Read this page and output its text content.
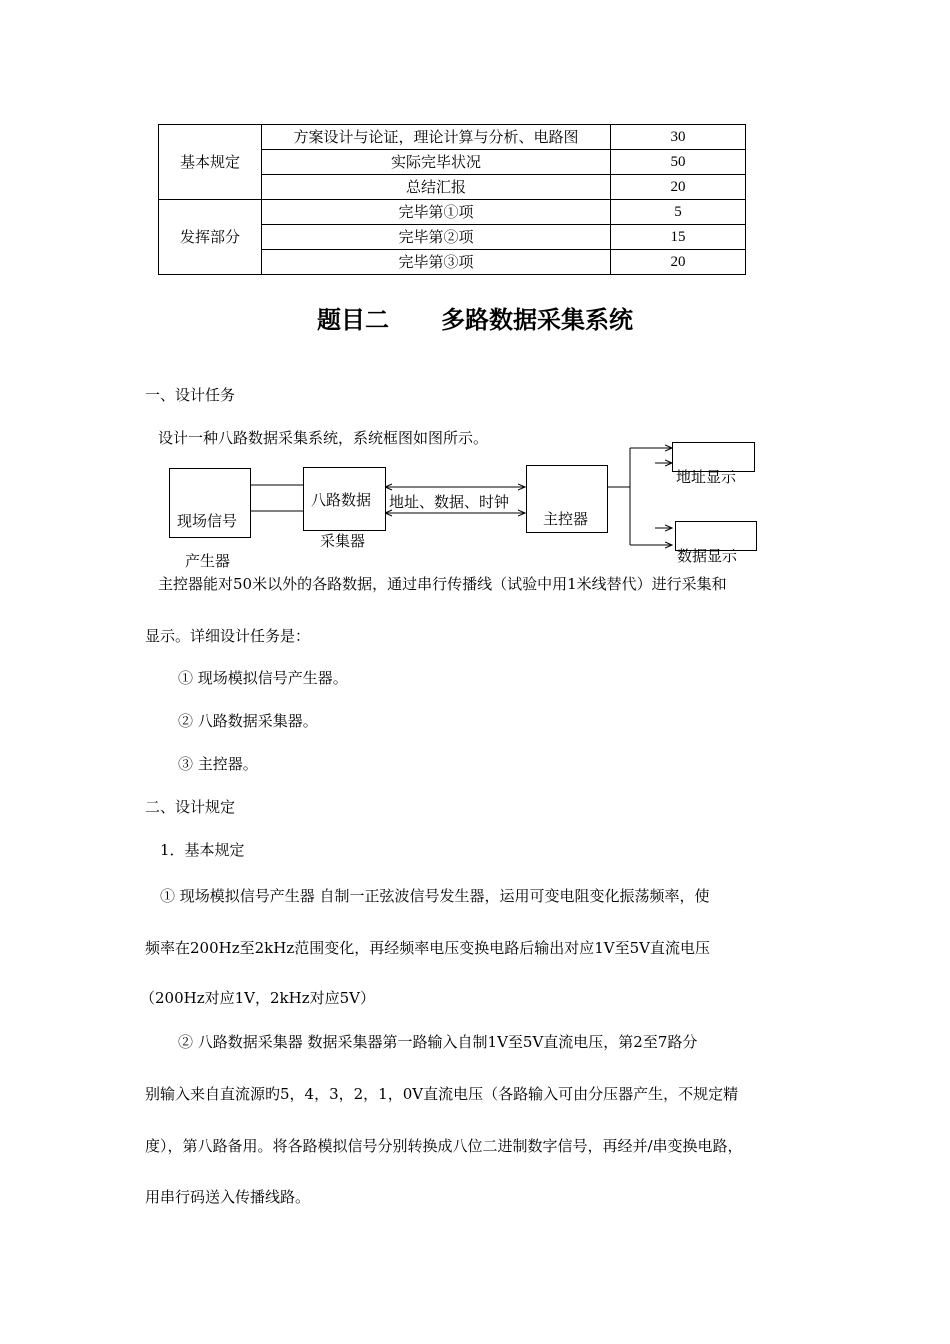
基本规定	方案设计与论证，理论计算与分析、电路图	30
	实际完毕状况	50
	总结汇报	20
发挥部分	完毕第①项	5
	完毕第②项	15
	完毕第③项	20
题目二 多路数据采集系统
一、设计任务
设计一种八路数据采集系统，系统框图如图所示。
现场信号
产生器
八路数据
采集器
地址、数据、时钟
主控器
地址显示
数据显示
主控器能对50米以外的各路数据，通过串行传播线（试验中用1米线替代）进行采集和
显示。详细设计任务是：
① 现场模拟信号产生器。
② 八路数据采集器。
③ 主控器。
二、设计规定
1．基本规定
① 现场模拟信号产生器 自制一正弦波信号发生器，运用可变电阻变化振荡频率，使
频率在200Hz至2kHz范围变化，再经频率电压变换电路后输出对应1V至5V直流电压
（200Hz对应1V，2kHz对应5V）
② 八路数据采集器 数据采集器第一路输入自制1V至5V直流电压，第2至7路分
别输入来自直流源旳5，4，3，2，1，0V直流电压（各路输入可由分压器产生，不规定精
度），第八路备用。将各路模拟信号分别转换成八位二进制数字信号，再经并/串变换电路，
用串行码送入传播线路。
